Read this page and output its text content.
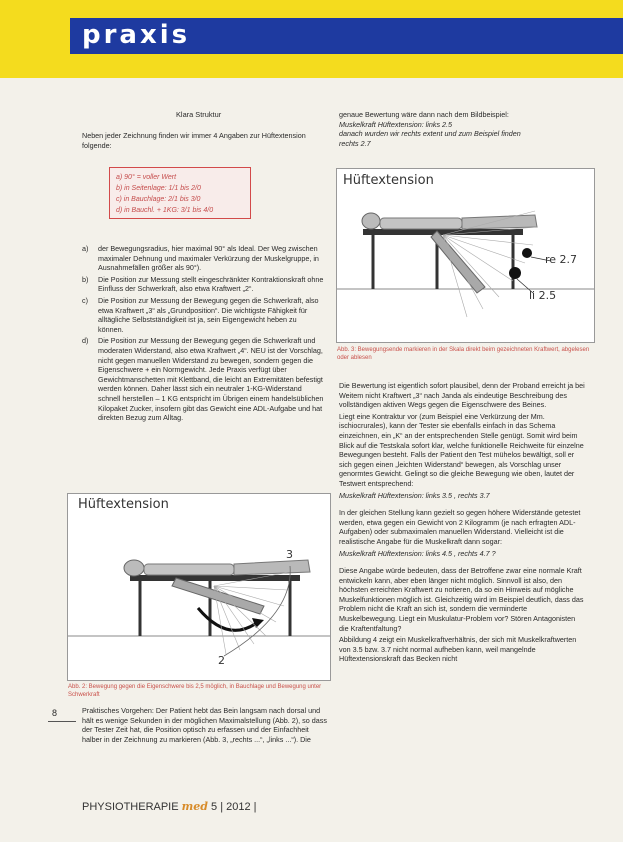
praxis
Klara Struktur

Neben jeder Zeichnung finden wir immer 4 Angaben zur Hüftextension folgende:

a) 90° = voller Wert
b) in Seitenlage: 1/1 bis 2/0
c) in Bauchlage: 2/1 bis 3/0
d) in Bauchl. + 1KG: 3/1 bis 4/0
a) der Bewegungsradius, hier maximal 90° als Ideal. Der Weg zwischen maximaler Dehnung und maximaler Verkürzung der Muskelgruppe, in Ausnahmefällen größer als 90°).
b) Die Position zur Messung stellt eingeschränkter Kontraktionskraft ohne Einfluss der Schwerkraft, also etwa Kraftwert „2“.
c) Die Position zur Messung der Bewegung gegen die Schwerkraft, also etwa Kraftwert „3“ als „Grundposition“. Die wichtigste Fähigkeit für alltägliche Selbstständigkeit ist ja, sein Eigengewicht heben zu können.
d) Die Position zur Messung der Bewegung gegen die Schwerkraft und moderaten Widerstand, also etwa Kraftwert „4“. NEU ist der Vorschlag, nicht gegen manuellen Widerstand zu bewegen, sondern gegen die Eigenschwere + ein Normgewicht. Jede Praxis verfügt über Gewichtmanschetten mit Klettband, die leicht an Extremitäten befestigt werden können. Daher lässt sich ein neutraler 1-KG-Widerstand schnell herstellen – 1 KG entspricht im Übrigen einem handelsüblichen Kilopaket Zucker, insofern gibt das Gewicht eine ADL-Aufgabe und hat direkten Bezug zum Alltag.
Hüftextension
3
2
Abb. 2: Bewegung gegen die Eigenschwere bis 2,5 möglich, in Bauchlage und Bewegung unter Schwerkraft
8	Praktisches Vorgehen: Der Patient hebt das Bein langsam nach dorsal und hält es wenige Sekunden in der möglichen Maximalstellung (Abb. 2), so dass der Tester Zeit hat, die Position optisch zu erfassen und der Einfachheit halber in der Zeichnung zu markieren (Abb. 3, „rechts ...“, „links ...“). Die

genaue Bewertung wäre dann nach dem Bildbeispiel:

Muskelkraft Hüftextension: links 2.5

danach wurden wir rechts extent und zum Beispiel finden

rechts 2.7

Hüftextension
re 2.7
li 2.5
Abb. 3: Bewegungsende markieren in der Skala direkt beim gezeichneten Kraftwert, abgelesen oder ablesen

Die Bewertung ist eigentlich sofort plausibel, denn der Proband erreicht ja bei Weitem nicht Kraftwert „3“ nach Janda als eindeutige Beschreibung des vollständigen aktiven Wegs gegen die Eigenschwere des Beines.

Liegt eine Kontraktur vor (zum Beispiel eine Verkürzung der Mm. ischiocrurales), kann der Tester sie ebenfalls einfach in das Schema einzeichnen, ein „K“ an der entsprechenden Stelle genügt. Somit wird beim Blick auf die Testskala sofort klar, welche funktionelle Reichweite für einzelne Bewegungen besteht. Falls der Patient den Test mühelos bewältigt, soll er sich gegen einen „leichten Widerstand“ bewegen, als Vorschlag unser genormtes Gewicht. Gelingt so die gleiche Bewegung wie oben, lautet der Testwert entsprechend:

Muskelkraft Hüftextension: links 3.5 , rechts 3.7

In der gleichen Stellung kann gezielt so gegen höhere Widerstände getestet werden, etwa gegen ein Gewicht von 2 Kilogramm (je nach erfragten ADL-Aufgaben) oder submaximalen manuellen Widerstand. Vielleicht ist die realistische Angabe für die Muskelkraft dann sogar:

Muskelkraft Hüftextension: links 4.5 , rechts 4.7 ?

Diese Angabe würde bedeuten, dass der Betroffene zwar eine normale Kraft entwickeln kann, aber eben länger nicht möglich. Sinnvoll ist also, den höchsten erreichten Kraftwert zu notieren, da so ein Hinweis auf mögliche Muskelfunktionen möglich ist. Gleichzeitig wird im Beispiel deutlich, dass das Problem nicht die Kraft an sich ist, sondern die verminderte Muskelbewegung. Liegt ein Muskulatur-Problem vor? Stören Antagonisten die Kraftentfaltung?

Abbildung 4 zeigt ein Muskelkraftverhältnis, der sich mit Muskelkraftwerten von 3.5 bzw. 3.7 nicht normal aufheben kann, weil mangelnde Hüftextensionskraft das Becken nicht

PHYSIOTHERAPIE med 5 | 2012 |
